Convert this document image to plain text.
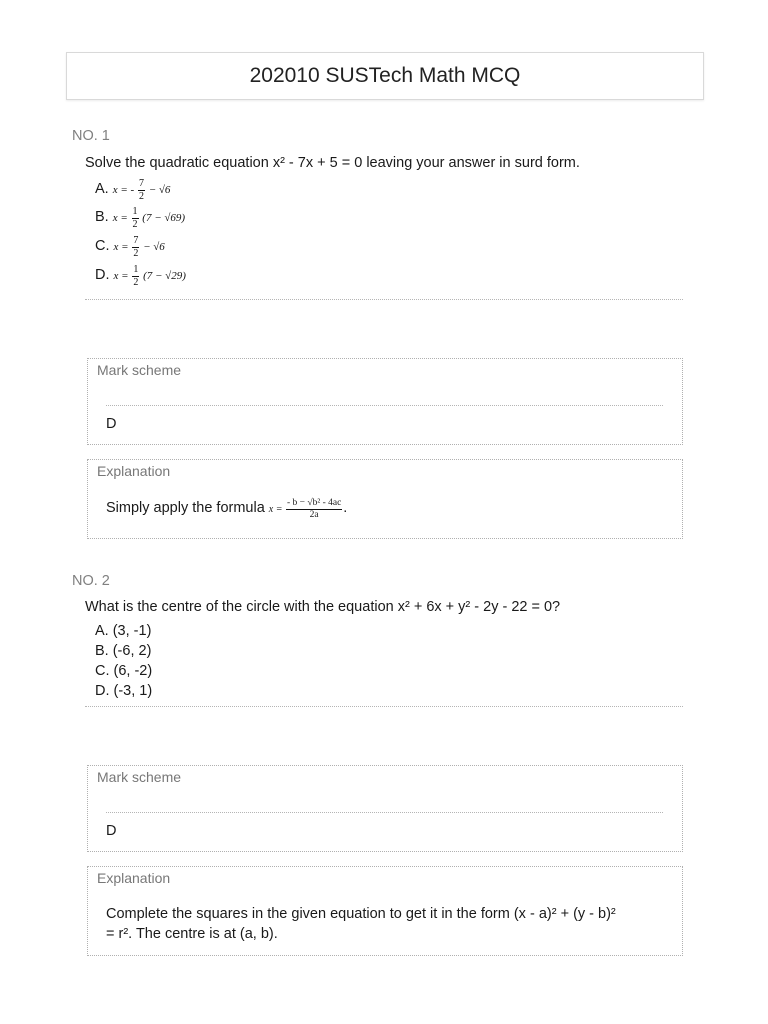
202010 SUSTech Math MCQ
NO. 1
Solve the quadratic equation x² - 7x + 5 = 0 leaving your answer in surd form.
A. x = - $\frac{7}{2} - √6$
B. $x = \frac{1}{2} (7 - √69)$
C. $x = \frac{7}{2} - √6$
D. $x = \frac{1}{2} (7 - √29)$
Mark scheme
D
Explanation
Simply apply the formula $x = \frac{\text{- b − √b² - 4ac}}{2a}$ .
NO. 2
What is the centre of the circle with the equation x² + 6x + y² - 2y - 22 = 0?
A. (3, -1)
B. (-6, 2)
C. (6, -2)
D. (-3, 1)
Mark scheme
D
Explanation
Complete the squares in the given equation to get it in the form (x - a)² + (y - b)²
= r². The centre is at (a, b).
